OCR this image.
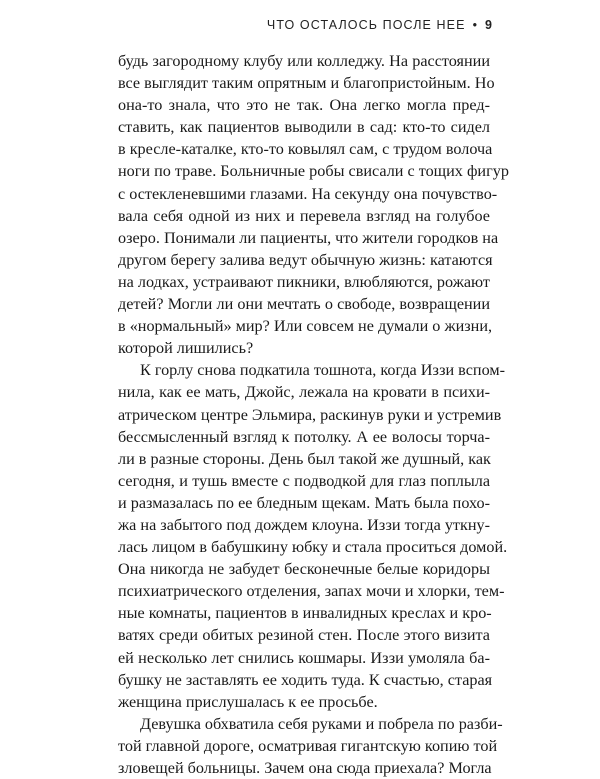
ЧТО ОСТАЛОСЬ ПОСЛЕ НЕЕ • 9

будь загородному клубу или колледжу. На расстоянии
все выглядит таким опрятным и благопристойным. Но
она-то знала, что это не так. Она легко могла пред-
ставить, как пациентов выводили в сад: кто-то сидел
в кресле-каталке, кто-то ковылял сам, с трудом волоча
ноги по траве. Больничные робы свисали с тощих фигур
с остекленевшими глазами. На секунду она почувство-
вала себя одной из них и перевела взгляд на голубое
озеро. Понимали ли пациенты, что жители городков на
другом берегу залива ведут обычную жизнь: катаются
на лодках, устраивают пикники, влюбляются, рожают
детей? Могли ли они мечтать о свободе, возвращении
в «нормальный» мир? Или совсем не думали о жизни,
которой лишились?

К горлу снова подкатила тошнота, когда Иззи вспом-
нила, как ее мать, Джойс, лежала на кровати в психи-
атрическом центре Эльмира, раскинув руки и устремив
бессмысленный взгляд к потолку. А ее волосы торча-
ли в разные стороны. День был такой же душный, как
сегодня, и тушь вместе с подводкой для глаз поплыла
и размазалась по ее бледным щекам. Мать была похо-
жа на забытого под дождем клоуна. Иззи тогда уткну-
лась лицом в бабушкину юбку и стала проситься домой.
Она никогда не забудет бесконечные белые коридоры
психиатрического отделения, запах мочи и хлорки, тем-
ные комнаты, пациентов в инвалидных креслах и кро-
ватях среди обитых резиной стен. После этого визита
ей несколько лет снились кошмары. Иззи умоляла ба-
бушку не заставлять ее ходить туда. К счастью, старая
женщина прислушалась к ее просьбе.

Девушка обхватила себя руками и побрела по разби-
той главной дороге, осматривая гигантскую копию той
зловещей больницы. Зачем она сюда приехала? Могла
